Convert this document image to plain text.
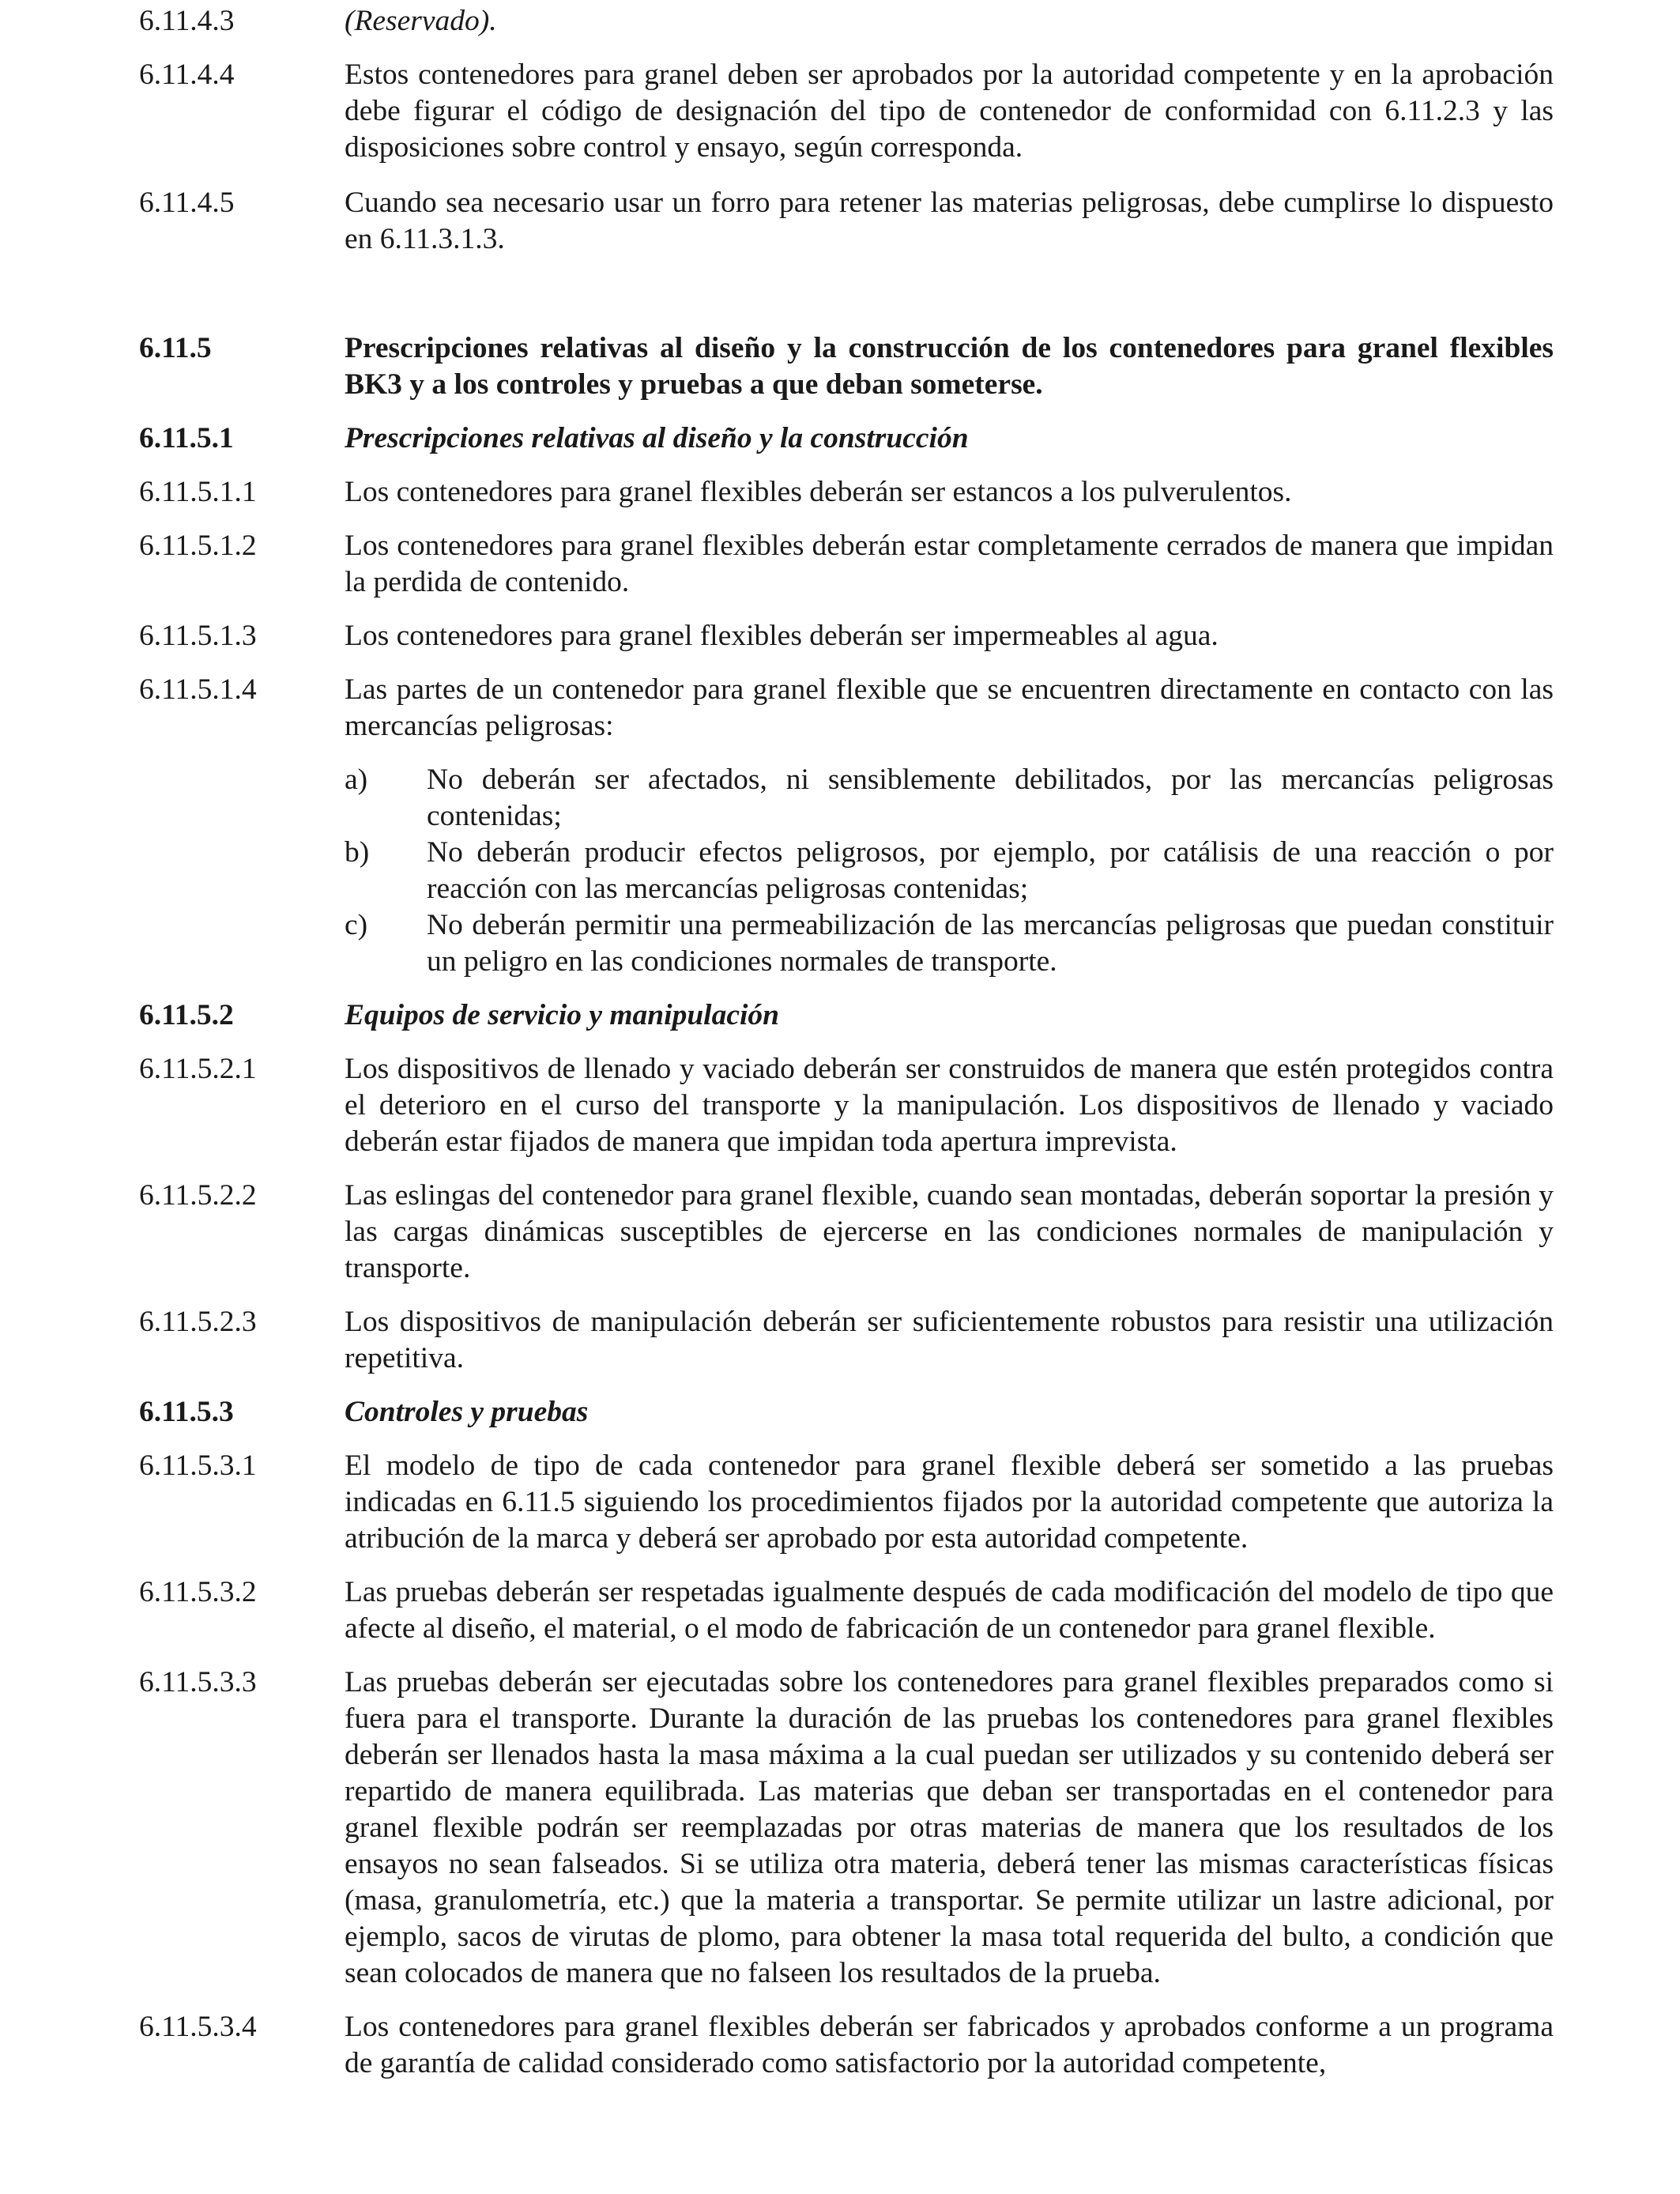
6.11.4.3	(Reservado).
6.11.4.4	Estos contenedores para granel deben ser aprobados por la autoridad competente y en la aprobación debe figurar el código de designación del tipo de contenedor de conformidad con 6.11.2.3 y las disposiciones sobre control y ensayo, según corresponda.
6.11.4.5	Cuando sea necesario usar un forro para retener las materias peligrosas, debe cumplirse lo dispuesto en 6.11.3.1.3.
6.11.5	Prescripciones relativas al diseño y la construcción de los contenedores para granel flexibles BK3 y a los controles y pruebas a que deban someterse.
6.11.5.1	Prescripciones relativas al diseño y la construcción
6.11.5.1.1	Los contenedores para granel flexibles deberán ser estancos a los pulverulentos.
6.11.5.1.2	Los contenedores para granel flexibles deberán estar completamente cerrados de manera que impidan la perdida de contenido.
6.11.5.1.3	Los contenedores para granel flexibles deberán ser impermeables al agua.
6.11.5.1.4	Las partes de un contenedor para granel flexible que se encuentren directamente en contacto con las mercancías peligrosas:
a)	No deberán ser afectados, ni sensiblemente debilitados, por las mercancías peligrosas contenidas;
b)	No deberán producir efectos peligrosos, por ejemplo, por catálisis de una reacción o por reacción con las mercancías peligrosas contenidas;
c)	No deberán permitir una permeabilización de las mercancías peligrosas que puedan constituir un peligro en las condiciones normales de transporte.
6.11.5.2	Equipos de servicio y manipulación
6.11.5.2.1	Los dispositivos de llenado y vaciado deberán ser construidos de manera que estén protegidos contra el deterioro en el curso del transporte y la manipulación. Los dispositivos de llenado y vaciado deberán estar fijados de manera que impidan toda apertura imprevista.
6.11.5.2.2	Las eslingas del contenedor para granel flexible, cuando sean montadas, deberán soportar la presión y las cargas dinámicas susceptibles de ejercerse en las condiciones normales de manipulación y transporte.
6.11.5.2.3	Los dispositivos de manipulación deberán ser suficientemente robustos para resistir una utilización repetitiva.
6.11.5.3	Controles y pruebas
6.11.5.3.1	El modelo de tipo de cada contenedor para granel flexible deberá ser sometido a las pruebas indicadas en 6.11.5 siguiendo los procedimientos fijados por la autoridad competente que autoriza la atribución de la marca y deberá ser aprobado por esta autoridad competente.
6.11.5.3.2	Las pruebas deberán ser respetadas igualmente después de cada modificación del modelo de tipo que afecte al diseño, el material, o el modo de fabricación de un contenedor para granel flexible.
6.11.5.3.3	Las pruebas deberán ser ejecutadas sobre los contenedores para granel flexibles preparados como si fuera para el transporte. Durante la duración de las pruebas los contenedores para granel flexibles deberán ser llenados hasta la masa máxima a la cual puedan ser utilizados y su contenido deberá ser repartido de manera equilibrada. Las materias que deban ser transportadas en el contenedor para granel flexible podrán ser reemplazadas por otras materias de manera que los resultados de los ensayos no sean falseados. Si se utiliza otra materia, deberá tener las mismas características físicas (masa, granulometría, etc.) que la materia a transportar. Se permite utilizar un lastre adicional, por ejemplo, sacos de virutas de plomo, para obtener la masa total requerida del bulto, a condición que sean colocados de manera que no falseen los resultados de la prueba.
6.11.5.3.4	Los contenedores para granel flexibles deberán ser fabricados y aprobados conforme a un programa de garantía de calidad considerado como satisfactorio por la autoridad competente,
